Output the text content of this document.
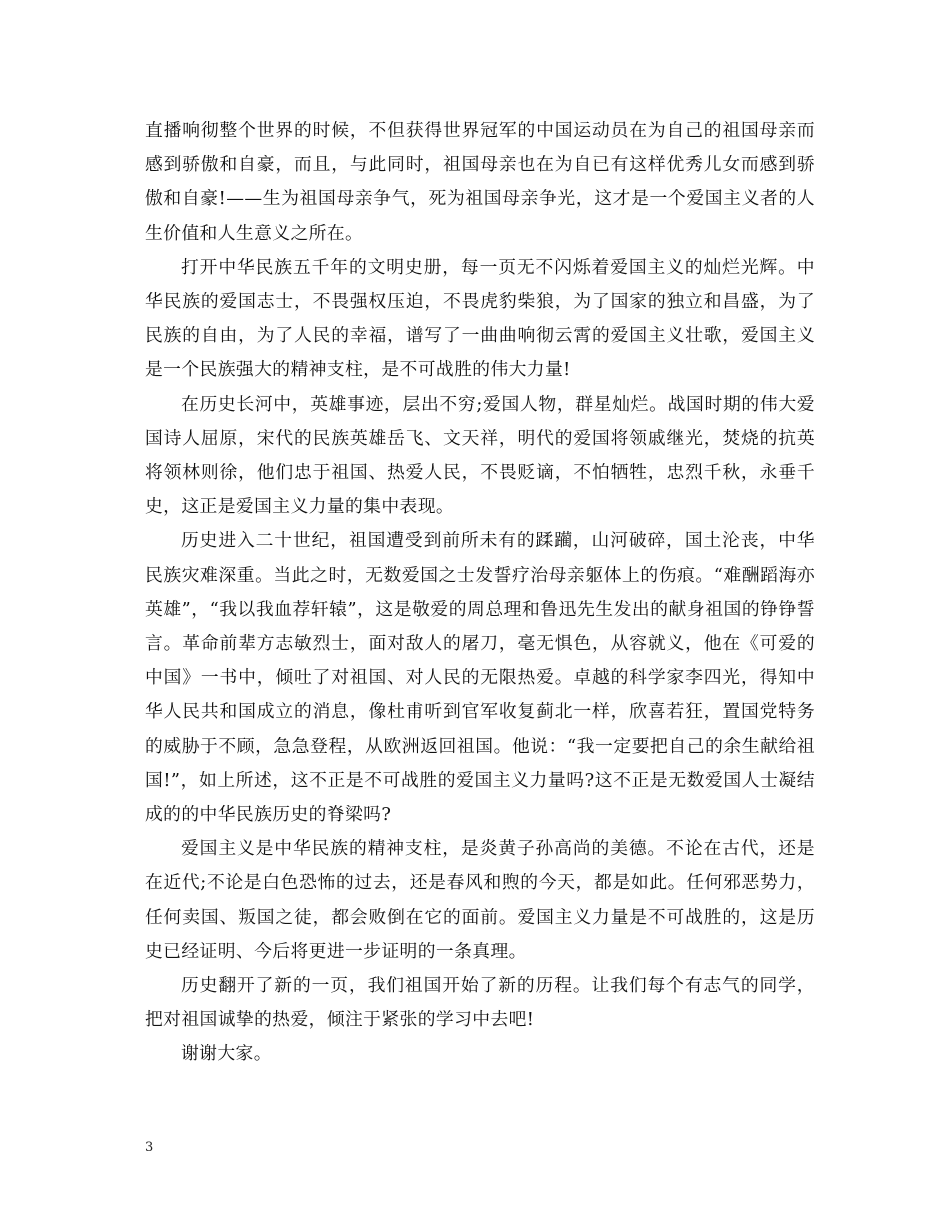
直播响彻整个世界的时候，不但获得世界冠军的中国运动员在为自己的祖国母亲而感到骄傲和自豪，而且，与此同时，祖国母亲也在为自已有这样优秀儿女而感到骄傲和自豪!——生为祖国母亲争气，死为祖国母亲争光，这才是一个爱国主义者的人生价值和人生意义之所在。

打开中华民族五千年的文明史册，每一页无不闪烁着爱国主义的灿烂光辉。中华民族的爱国志士，不畏强权压迫，不畏虎豹柴狼，为了国家的独立和昌盛，为了民族的自由，为了人民的幸福，谱写了一曲曲响彻云霄的爱国主义壮歌，爱国主义是一个民族强大的精神支柱，是不可战胜的伟大力量!

在历史长河中，英雄事迹，层出不穷;爱国人物，群星灿烂。战国时期的伟大爱国诗人屈原，宋代的民族英雄岳飞、文天祥，明代的爱国将领戚继光，焚烧的抗英将领林则徐，他们忠于祖国、热爱人民，不畏贬谪，不怕牺牲，忠烈千秋，永垂千史，这正是爱国主义力量的集中表现。

历史进入二十世纪，祖国遭受到前所未有的蹂躏，山河破碎，国土沦丧，中华民族灾难深重。当此之时，无数爱国之士发誓疗治母亲躯体上的伤痕。“难酬蹈海亦英雄”，“我以我血荐轩辕”，这是敬爱的周总理和鲁迅先生发出的献身祖国的铮铮誓言。革命前辈方志敏烈士，面对敌人的屠刀，毫无惧色，从容就义，他在《可爱的中国》一书中，倾吐了对祖国、对人民的无限热爱。卓越的科学家李四光，得知中华人民共和国成立的消息，像杜甫听到官军收复蓟北一样，欣喜若狂，置国党特务的威胁于不顾，急急登程，从欧洲返回祖国。他说：“我一定要把自己的余生献给祖国!”，如上所述，这不正是不可战胜的爱国主义力量吗?这不正是无数爱国人士凝结成的的中华民族历史的脊梁吗?

爱国主义是中华民族的精神支柱，是炎黄子孙高尚的美德。不论在古代，还是在近代;不论是白色恐怖的过去，还是春风和煦的今天，都是如此。任何邪恶势力，任何卖国、叛国之徒，都会败倒在它的面前。爱国主义力量是不可战胜的，这是历史已经证明、今后将更进一步证明的一条真理。

历史翻开了新的一页，我们祖国开始了新的历程。让我们每个有志气的同学，把对祖国诚挚的热爱，倾注于紧张的学习中去吧!

谢谢大家。

3
